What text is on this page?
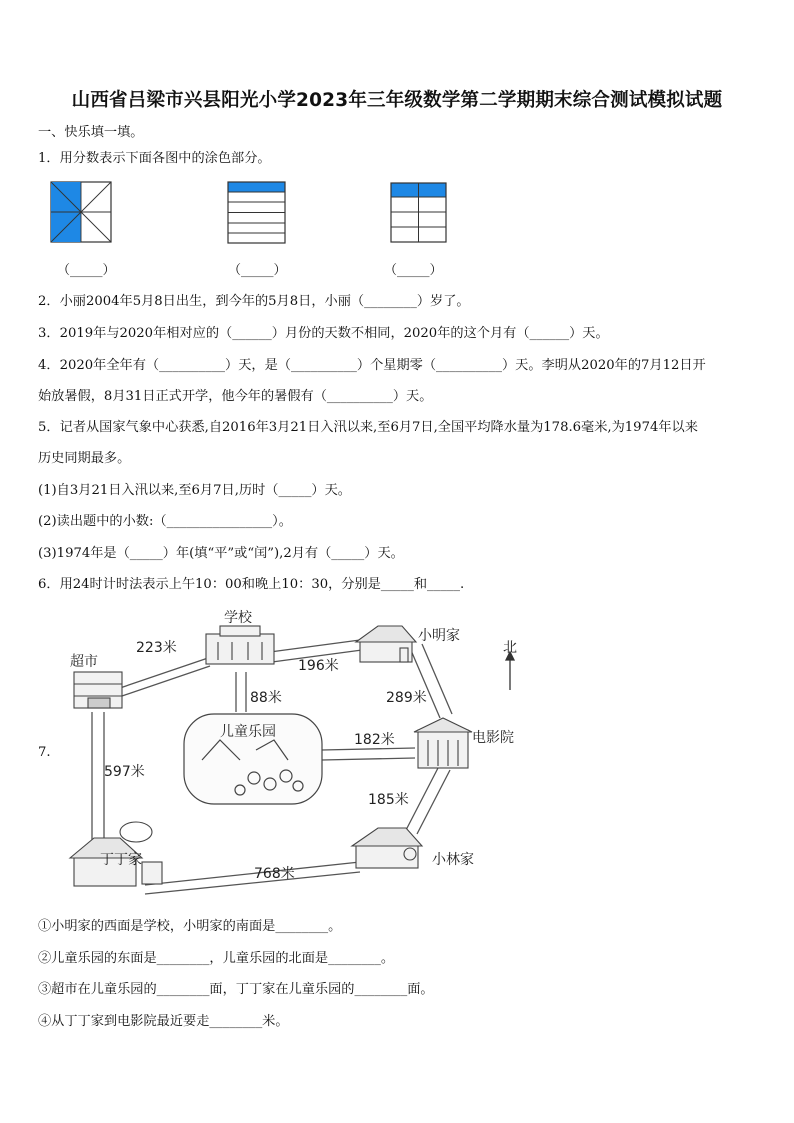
山西省吕梁市兴县阳光小学2023年三年级数学第二学期期末综合测试模拟试题
一、快乐填一填。
1．用分数表示下面各图中的涂色部分。
（_____）	（_____）	（_____）
2．小丽2004年5月8日出生，到今年的5月8日，小丽（________）岁了。
3．2019年与2020年相对应的（______）月份的天数不相同，2020年的这个月有（______）天。
4．2020年全年有（__________）天，是（__________）个星期零（__________）天。李明从2020年的7月12日开
始放暑假，8月31日正式开学，他今年的暑假有（__________）天。
5．记者从国家气象中心获悉,自2016年3月21日入汛以来,至6月7日,全国平均降水量为178.6毫米,为1974年以来
历史同期最多。
(1)自3月21日入汛以来,至6月7日,历时（_____）天。
(2)读出题中的小数:（________________）。
(3)1974年是（_____）年(填“平”或“闰”),2月有（_____）天。
6．用24时计时法表示上午10：00和晚上10：30，分别是_____和_____.
7.
学校
超市
小明家
北
儿童乐园	电影院
丁丁家	小林家
223米
196米
88米	289米
182米
597米
185米
768米
①小明家的西面是学校，小明家的南面是________。
②儿童乐园的东面是________，儿童乐园的北面是________。
③超市在儿童乐园的________面，丁丁家在儿童乐园的________面。
④从丁丁家到电影院最近要走________米。
